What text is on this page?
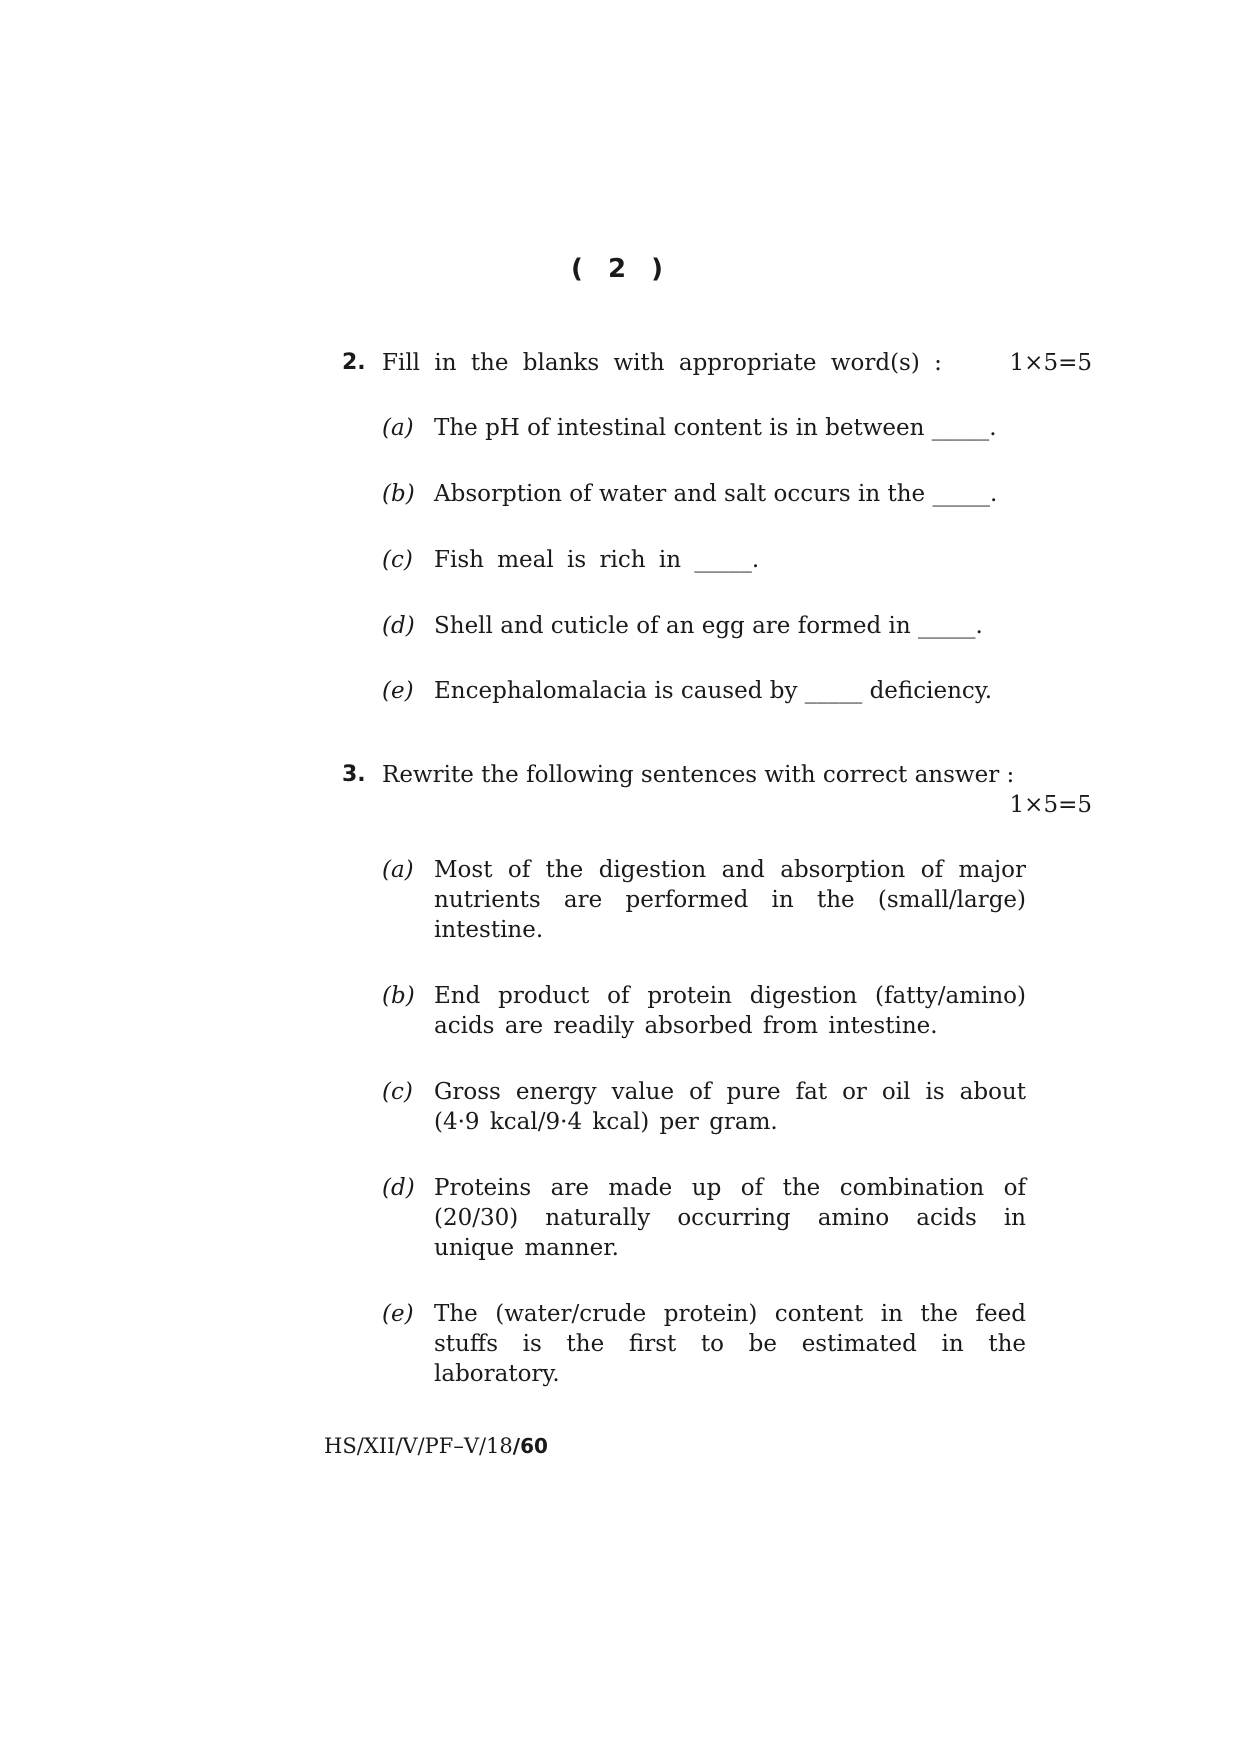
( 2 )
2. Fill in the blanks with appropriate word(s) :	1×5=5
(a) The pH of intestinal content is in between _____.
(b) Absorption of water and salt occurs in the _____.
(c) Fish meal is rich in _____.
(d) Shell and cuticle of an egg are formed in _____.
(e) Encephalomalacia is caused by _____ deficiency.
3. Rewrite the following sentences with correct answer :
1×5=5
(a) Most of the digestion and absorption of major nutrients are performed in the (small/large) intestine.
(b) End product of protein digestion (fatty/amino) acids are readily absorbed from intestine.
(c) Gross energy value of pure fat or oil is about (4·9 kcal/9·4 kcal) per gram.
(d) Proteins are made up of the combination of (20/30) naturally occurring amino acids in unique manner.
(e) The (water/crude protein) content in the feed stuffs is the first to be estimated in the laboratory.
HS/XII/V/PF–V/18/60
